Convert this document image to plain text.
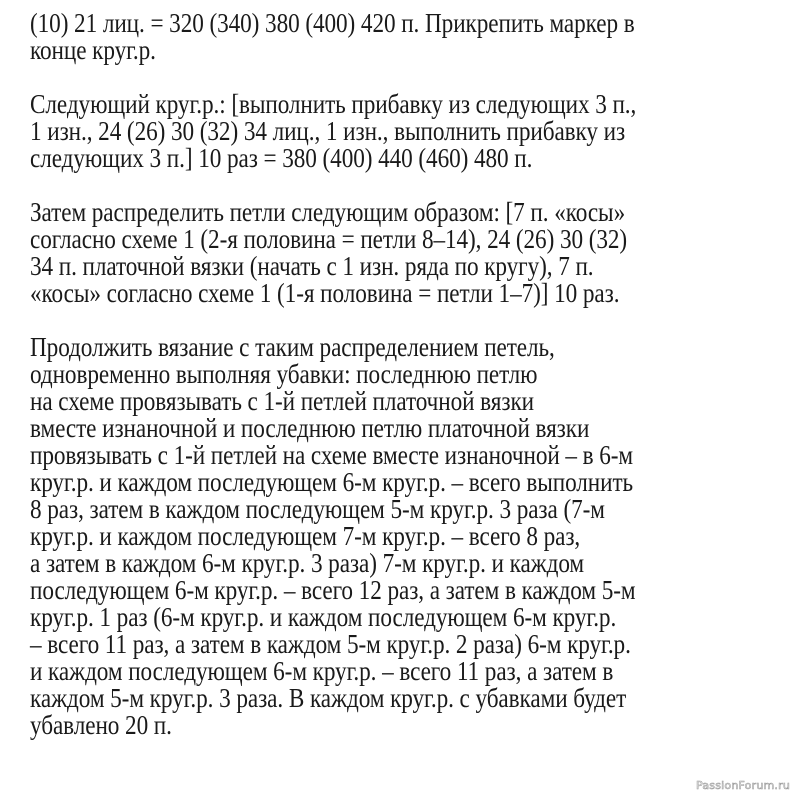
(10) 21 лиц. = 320 (340) 380 (400) 420 п. Прикрепить маркер в
конце круг.р.
Следующий круг.р.: [выполнить прибавку из следующих 3 п.,
1 изн., 24 (26) 30 (32) 34 лиц., 1 изн., выполнить прибавку из
следующих 3 п.] 10 раз = 380 (400) 440 (460) 480 п.
Затем распределить петли следующим образом: [7 п. «косы»
согласно схеме 1 (2-я половина = петли 8–14), 24 (26) 30 (32)
34 п. платочной вязки (начать с 1 изн. ряда по кругу), 7 п.
«косы» согласно схеме 1 (1-я половина = петли 1–7)] 10 раз.
Продолжить вязание с таким распределением петель,
одновременно выполняя убавки: последнюю петлю
на схеме провязывать с 1-й петлей платочной вязки
вместе изнаночной и последнюю петлю платочной вязки
провязывать с 1-й петлей на схеме вместе изнаночной – в 6-м
круг.р. и каждом последующем 6-м круг.р. – всего выполнить
8 раз, затем в каждом последующем 5-м круг.р. 3 раза (7-м
круг.р. и каждом последующем 7-м круг.р. – всего 8 раз,
а затем в каждом 6-м круг.р. 3 раза) 7-м круг.р. и каждом
последующем 6-м круг.р. – всего 12 раз, а затем в каждом 5-м
круг.р. 1 раз (6-м круг.р. и каждом последующем 6-м круг.р.
– всего 11 раз, а затем в каждом 5-м круг.р. 2 раза) 6-м круг.р.
и каждом последующем 6-м круг.р. – всего 11 раз, а затем в
каждом 5-м круг.р. 3 раза. В каждом круг.р. с убавками будет
убавлено 20 п.
PassionForum.ru
